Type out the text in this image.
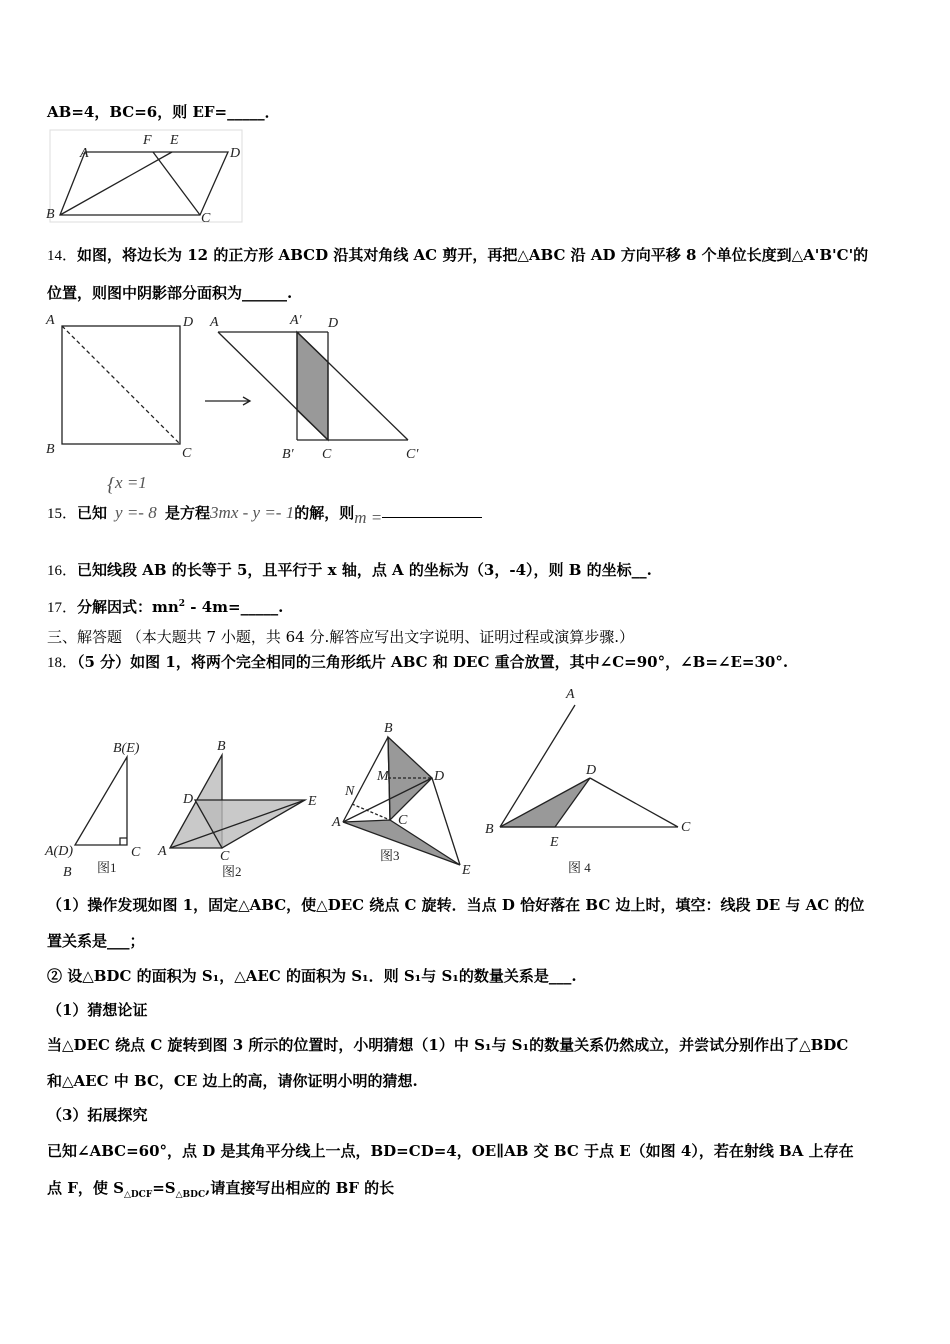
AB=4，BC=6，则 EF=_____．
14．如图，将边长为 12 的正方形 ABCD 沿其对角线 AC 剪开，再把△ABC 沿 AD 方向平移 8 个单位长度到△A'B'C'的
位置，则图中阴影部分面积为______.
15．已知
{ x =1
y =- 8 是方程3mx - y =- 1的解，则m =
16．已知线段 AB 的长等于 5，且平行于 x 轴，点 A 的坐标为（3，-4），则 B 的坐标__.
17．分解因式：$mn^2$ - 4m=_____.
三、解答题 （本大题共 7 小题，共 64 分.解答应写出文字说明、证明过程或演算步骤.）
18．（5 分）如图 1，将两个完全相同的三角形纸片 ABC 和 DEC 重合放置，其中∠C=90°，∠B=∠E=30°.
（1）操作发现如图 1，固定△ABC，使△DEC 绕点 C 旋转．当点 D 恰好落在 BC 边上时，填空：线段 DE 与 AC 的位
置关系是___；
② 设△BDC 的面积为 S₁，△AEC 的面积为 S₁．则 S₁与 S₁的数量关系是___.
（1）猜想论证
当△DEC 绕点 C 旋转到图 3 所示的位置时，小明猜想（1）中 S₁与 S₁的数量关系仍然成立，并尝试分别作出了△BDC
和△AEC 中 BC，CE 边上的高，请你证明小明的猜想.
（3）拓展探究
已知∠ABC=60°，点 D 是其角平分线上一点，BD=CD=4，OE∥AB 交 BC 于点 E（如图 4），若在射线 BA 上存在
点 F，使 $S_{\triangle DCF}=S_{\triangle BDC}$,请直接写出相应的 BF 的长
A	D
B	C
F E
A	D
B	C
A	A′ D
B′ C	C′
B(E)
A(D)	C
B 图1
B
D	E
A	C
图2
B
M	D
N
A	C
E
图3
A
D
B
E
C
图 4
